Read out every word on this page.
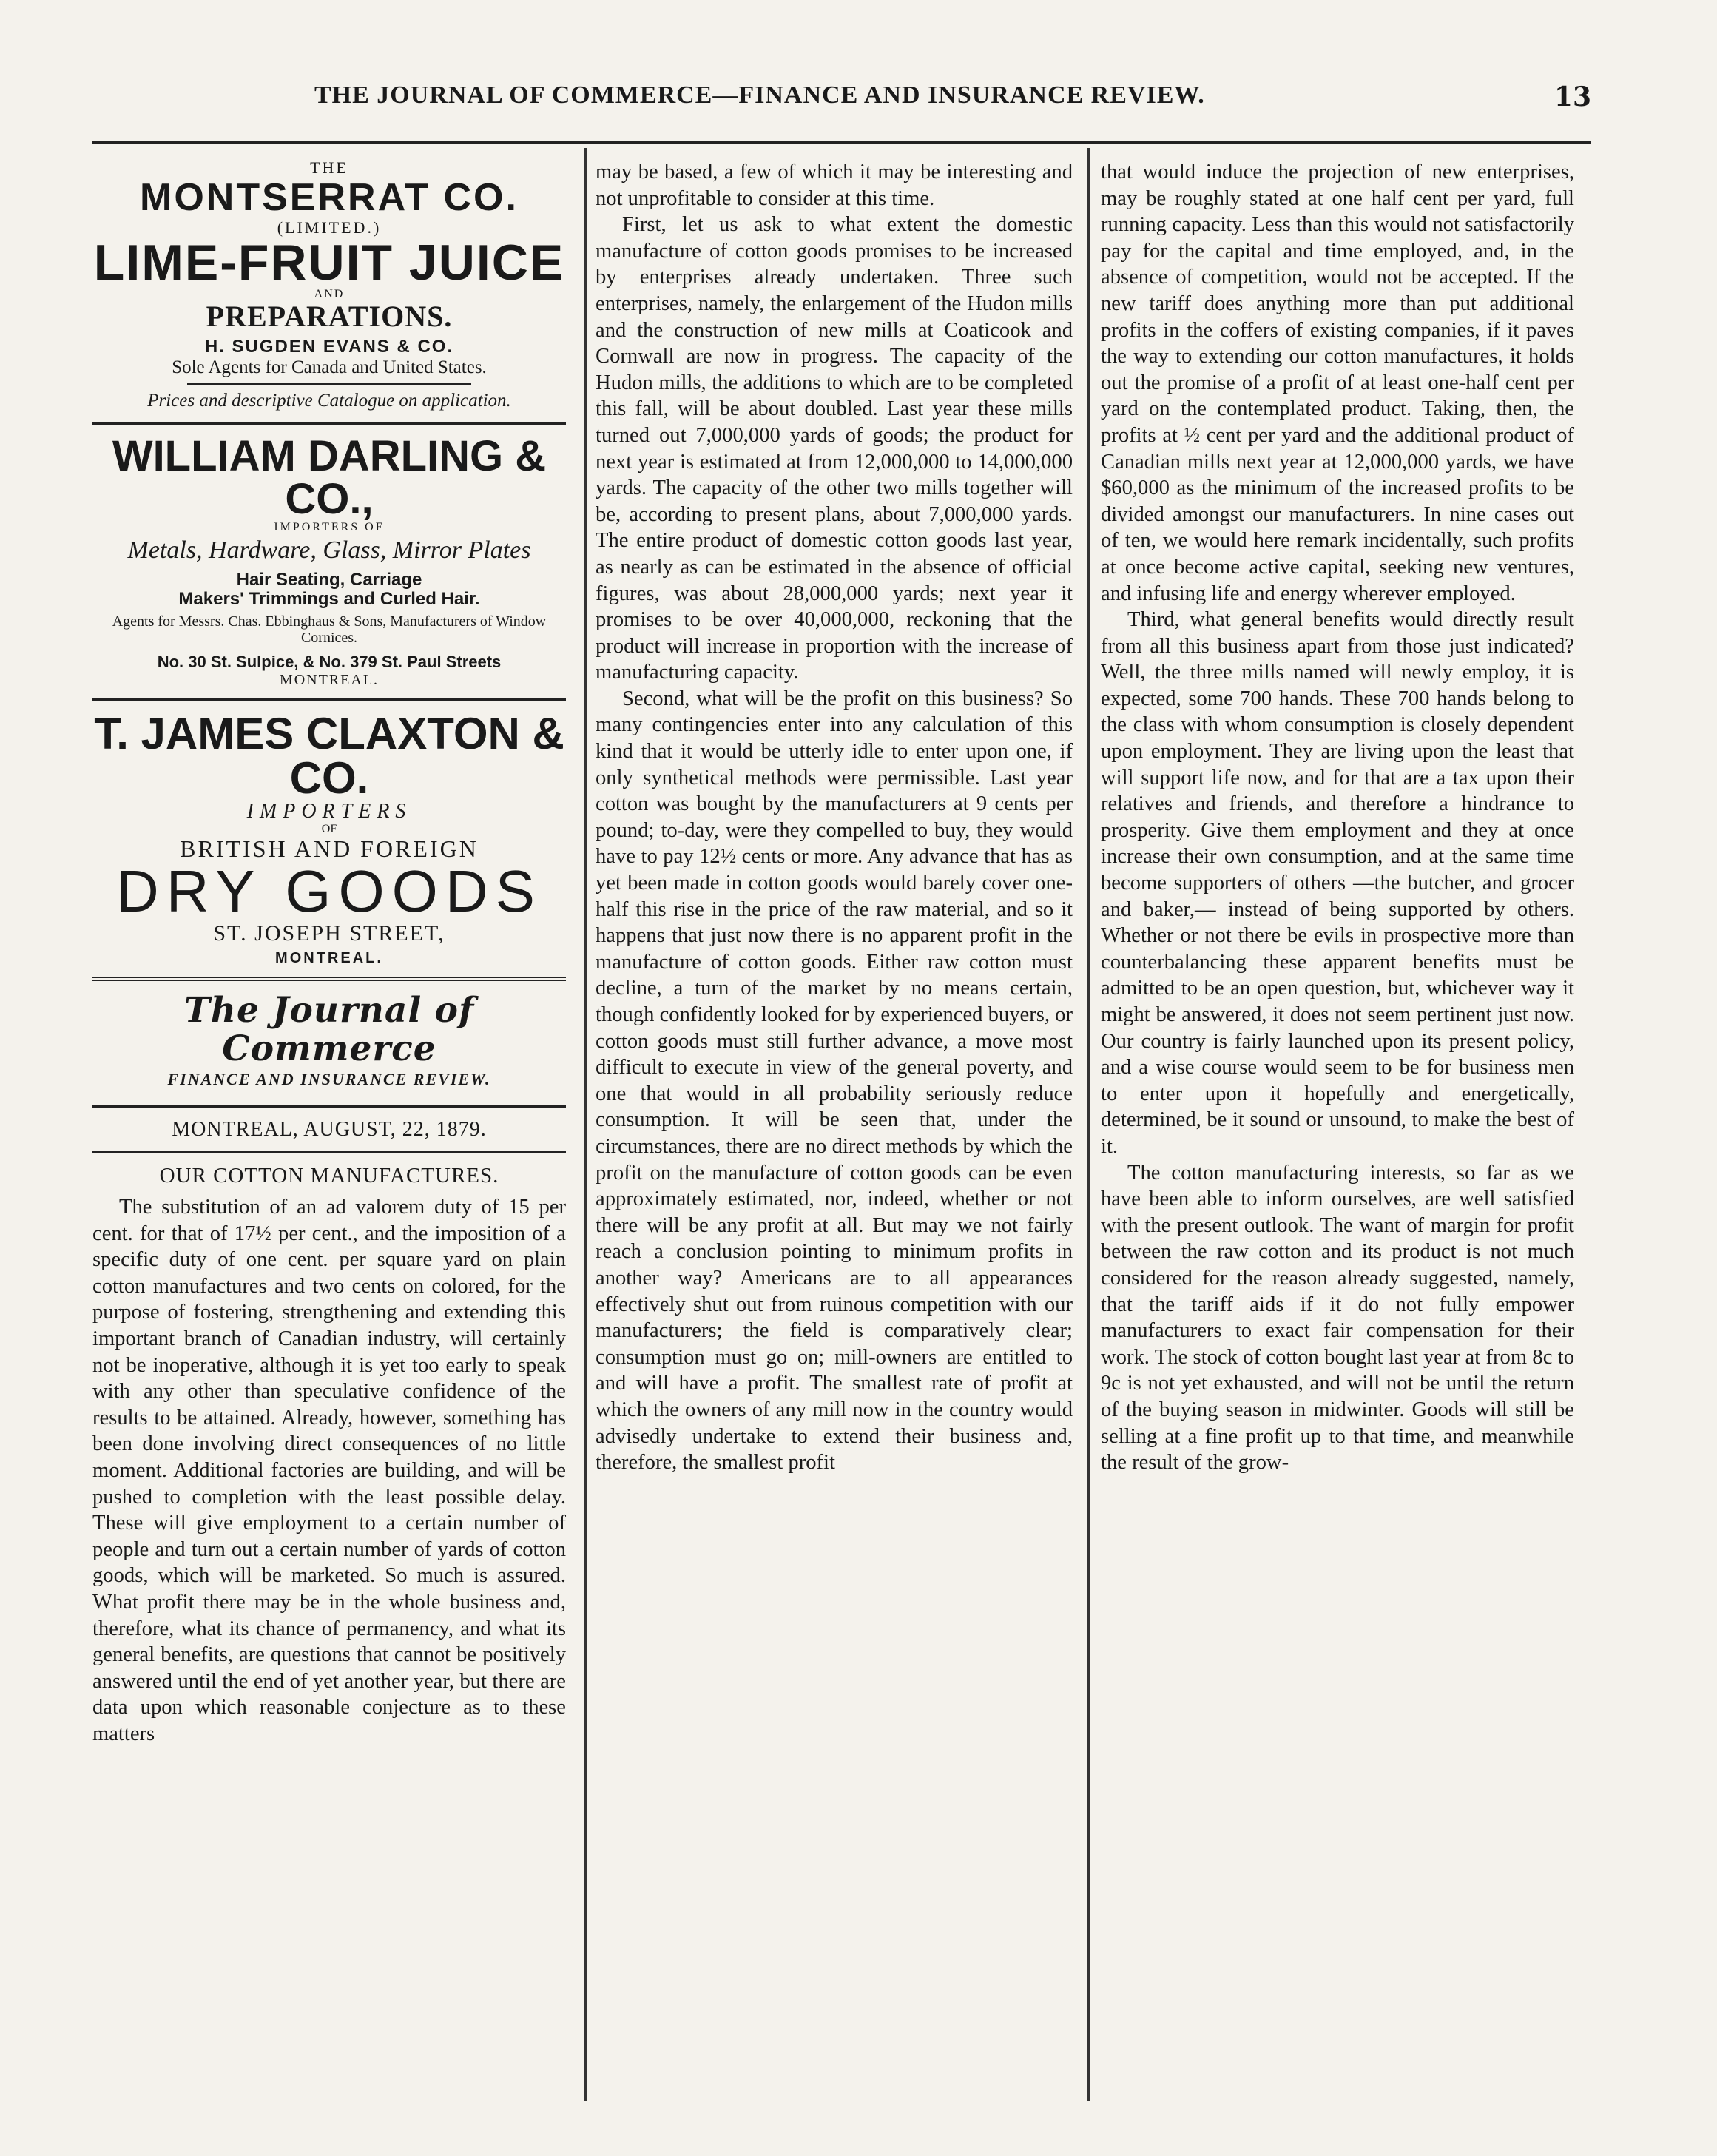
THE JOURNAL OF COMMERCE—FINANCE AND INSURANCE REVIEW.	13
THE
MONTSERRAT CO.
(LIMITED.)
LIME-FRUIT JUICE
AND
PREPARATIONS.
H. SUGDEN EVANS & CO.
Sole Agents for Canada and United States.
Prices and descriptive Catalogue on application.
WILLIAM DARLING & CO.,
IMPORTERS OF
Metals, Hardware, Glass, Mirror Plates
Hair Seating, Carriage
Makers' Trimmings and Curled Hair.
Agents for Messrs. Chas. Ebbinghaus & Sons, Manufacturers of Window Cornices.
No. 30 St. Sulpice, & No. 379 St. Paul Streets
MONTREAL.
T. JAMES CLAXTON & CO.
IMPORTERS
OF
BRITISH AND FOREIGN
DRY GOODS
ST. JOSEPH STREET,
MONTREAL.
The Journal of Commerce
FINANCE AND INSURANCE REVIEW.
MONTREAL, AUGUST, 22, 1879.
OUR COTTON MANUFACTURES.

The substitution of an ad valorem duty of 15 per cent. for that of 17½ per cent., and the imposition of a specific duty of one cent. per square yard on plain cotton manufactures and two cents on colored, for the purpose of fostering, strengthening and extending this important branch of Canadian industry, will certainly not be inoperative, although it is yet too early to speak with any other than speculative confidence of the results to be attained. Already, however, something has been done involving direct consequences of no little moment. Additional factories are building, and will be pushed to completion with the least possible delay. These will give employment to a certain number of people and turn out a certain number of yards of cotton goods, which will be marketed. So much is assured. What profit there may be in the whole business and, therefore, what its chance of permanency, and what its general benefits, are questions that cannot be positively answered until the end of yet another year, but there are data upon which reasonable conjecture as to these matters

may be based, a few of which it may be interesting and not unprofitable to consider at this time.

First, let us ask to what extent the domestic manufacture of cotton goods promises to be increased by enterprises already undertaken. Three such enterprises, namely, the enlargement of the Hudon mills and the construction of new mills at Coaticook and Cornwall are now in progress. The capacity of the Hudon mills, the additions to which are to be completed this fall, will be about doubled. Last year these mills turned out 7,000,000 yards of goods; the product for next year is estimated at from 12,000,000 to 14,000,000 yards. The capacity of the other two mills together will be, according to present plans, about 7,000,000 yards. The entire product of domestic cotton goods last year, as nearly as can be estimated in the absence of official figures, was about 28,000,000 yards; next year it promises to be over 40,000,000, reckoning that the product will increase in proportion with the increase of manufacturing capacity.

Second, what will be the profit on this business? So many contingencies enter into any calculation of this kind that it would be utterly idle to enter upon one, if only synthetical methods were permissible. Last year cotton was bought by the manufacturers at 9 cents per pound; to-day, were they compelled to buy, they would have to pay 12½ cents or more. Any advance that has as yet been made in cotton goods would barely cover one-half this rise in the price of the raw material, and so it happens that just now there is no apparent profit in the manufacture of cotton goods. Either raw cotton must decline, a turn of the market by no means certain, though confidently looked for by experienced buyers, or cotton goods must still further advance, a move most difficult to execute in view of the general poverty, and one that would in all probability seriously reduce consumption. It will be seen that, under the circumstances, there are no direct methods by which the profit on the manufacture of cotton goods can be even approximately estimated, nor, indeed, whether or not there will be any profit at all. But may we not fairly reach a conclusion pointing to minimum profits in another way? Americans are to all appearances effectively shut out from ruinous competition with our manufacturers; the field is comparatively clear; consumption must go on; mill-owners are entitled to and will have a profit. The smallest rate of profit at which the owners of any mill now in the country would advisedly undertake to extend their business and, therefore, the smallest profit

that would induce the projection of new enterprises, may be roughly stated at one half cent per yard, full running capacity. Less than this would not satisfactorily pay for the capital and time employed, and, in the absence of competition, would not be accepted. If the new tariff does anything more than put additional profits in the coffers of existing companies, if it paves the way to extending our cotton manufactures, it holds out the promise of a profit of at least one-half cent per yard on the contemplated product. Taking, then, the profits at ½ cent per yard and the additional product of Canadian mills next year at 12,000,000 yards, we have $60,000 as the minimum of the increased profits to be divided amongst our manufacturers. In nine cases out of ten, we would here remark incidentally, such profits at once become active capital, seeking new ventures, and infusing life and energy wherever employed.

Third, what general benefits would directly result from all this business apart from those just indicated? Well, the three mills named will newly employ, it is expected, some 700 hands. These 700 hands belong to the class with whom consumption is closely dependent upon employment. They are living upon the least that will support life now, and for that are a tax upon their relatives and friends, and therefore a hindrance to prosperity. Give them employment and they at once increase their own consumption, and at the same time become supporters of others —the butcher, and grocer and baker,— instead of being supported by others. Whether or not there be evils in prospective more than counterbalancing these apparent benefits must be admitted to be an open question, but, whichever way it might be answered, it does not seem pertinent just now. Our country is fairly launched upon its present policy, and a wise course would seem to be for business men to enter upon it hopefully and energetically, determined, be it sound or unsound, to make the best of it.

The cotton manufacturing interests, so far as we have been able to inform ourselves, are well satisfied with the present outlook. The want of margin for profit between the raw cotton and its product is not much considered for the reason already suggested, namely, that the tariff aids if it do not fully empower manufacturers to exact fair compensation for their work. The stock of cotton bought last year at from 8c to 9c is not yet exhausted, and will not be until the return of the buying season in midwinter. Goods will still be selling at a fine profit up to that time, and meanwhile the result of the grow-
